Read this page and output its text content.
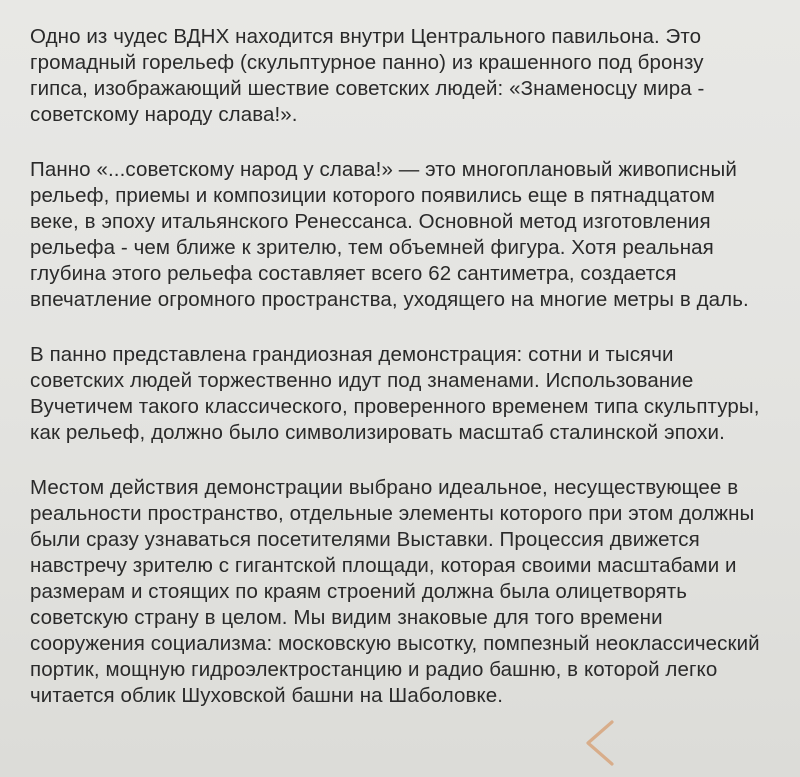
Одно из чудес ВДНХ находится внутри Центрального павильона. Это громадный горельеф (скульптурное панно) из крашенного под бронзу гипса, изображающий шествие советских людей: «Знаменосцу мира - советскому народу слава!».

Панно «...советскому народ у слава!» — это многоплановый живописный рельеф, приемы и композиции которого появились еще в пятнадцатом веке, в эпоху итальянского Ренессанса. Основной метод изготовления рельефа - чем ближе к зрителю, тем объемней фигура. Хотя реальная глубина этого рельефа составляет всего 62 сантиметра, создается впечатление огромного пространства, уходящего на многие метры в даль.

В панно представлена грандиозная демонстрация: сотни и тысячи советских людей торжественно идут под знаменами. Использование Вучетичем такого классического, проверенного временем типа скульптуры, как рельеф, должно было символизировать масштаб сталинской эпохи.

Местом действия демонстрации выбрано идеальное, несуществующее в реальности пространство, отдельные элементы которого при этом должны были сразу узнаваться посетителями Выставки. Процессия движется навстречу зрителю с гигантской площади, которая своими масштабами и размерам и стоящих по краям строений должна была олицетворять советскую страну в целом. Мы видим знаковые для того времени сооружения социализма: московскую высотку, помпезный неоклассический портик, мощную гидроэлектростанцию и радио башню, в которой легко читается облик Шуховской башни на Шаболовке.
